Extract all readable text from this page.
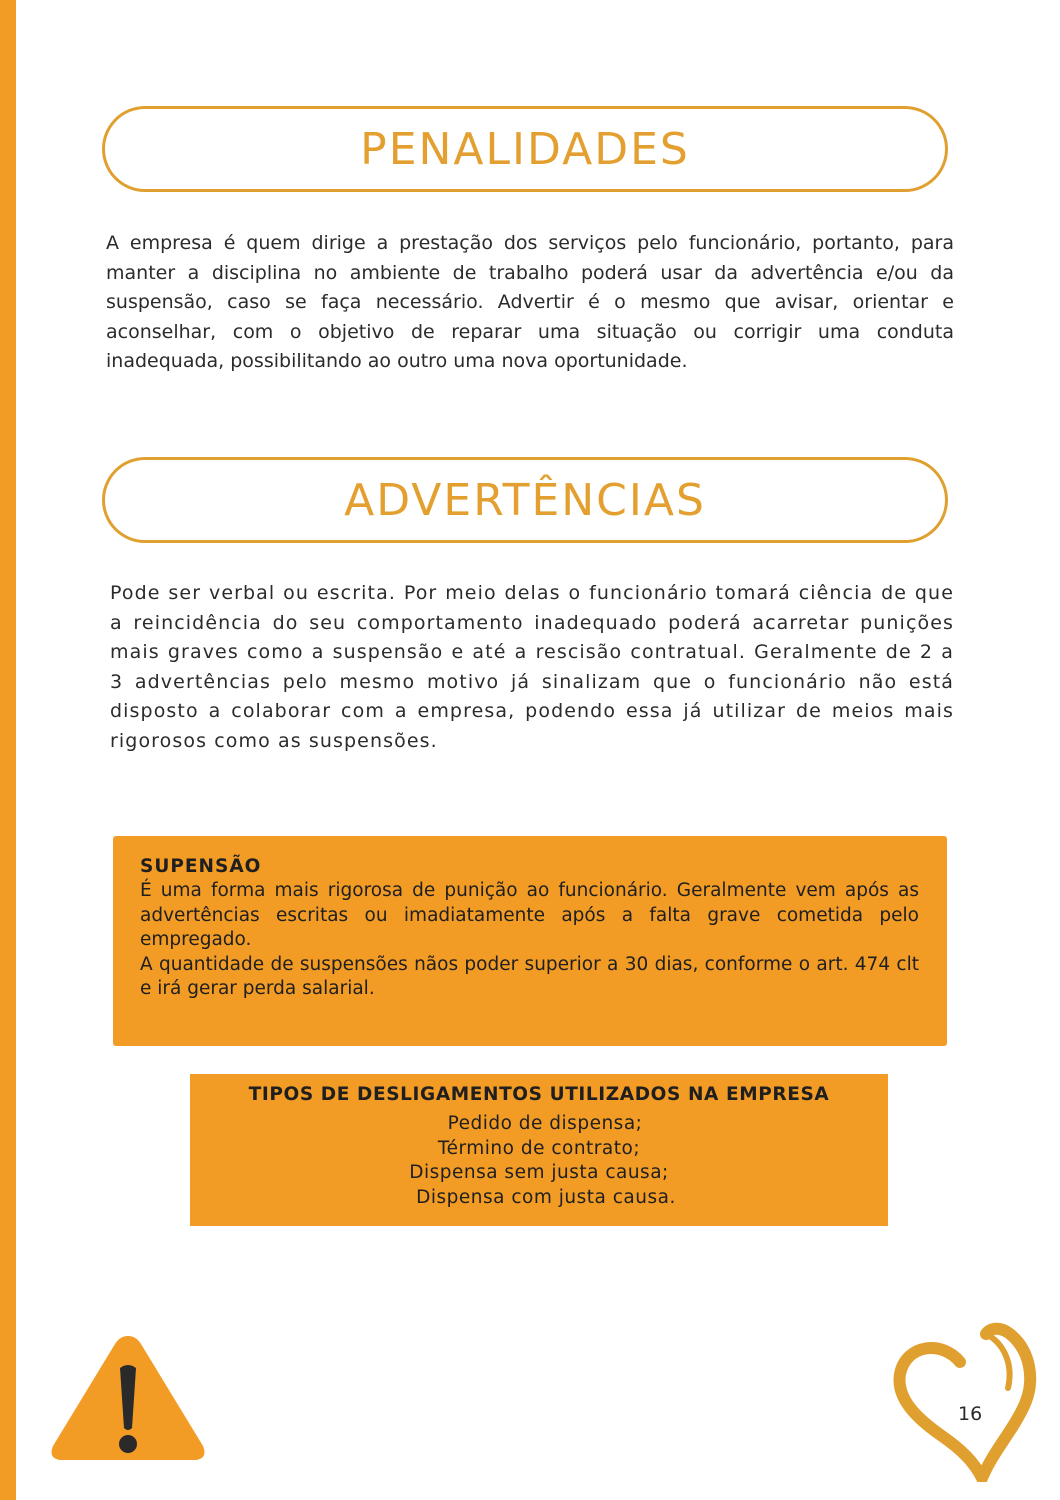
PENALIDADES

A empresa é quem dirige a prestação dos serviços pelo funcionário, portanto, para manter a disciplina no ambiente de trabalho poderá usar da advertência e/ou da suspensão, caso se faça necessário. Advertir é o mesmo que avisar, orientar e aconselhar, com o objetivo de reparar uma situação ou corrigir uma conduta inadequada, possibilitando ao outro uma nova oportunidade.

ADVERTÊNCIAS

Pode ser verbal ou escrita. Por meio delas o funcionário tomará ciência de que a reincidência do seu comportamento inadequado poderá acarretar punições mais graves como a suspensão e até a rescisão contratual. Geralmente de 2 a 3 advertências pelo mesmo motivo já sinalizam que o funcionário não está disposto a colaborar com a empresa, podendo essa já utilizar de meios mais rigorosos como as suspensões.

SUPENSÃO

É uma forma mais rigorosa de punição ao funcionário. Geralmente vem após as advertências escritas ou imadiatamente após a falta grave cometida pelo empregado.

A quantidade de suspensões nãos poder superior a 30 dias, conforme o art. 474 clt e irá gerar perda salarial.

TIPOS DE DESLIGAMENTOS UTILIZADOS NA EMPRESA

Pedido de dispensa;
Término de contrato;
Dispensa sem justa causa;
Dispensa com justa causa.
16
